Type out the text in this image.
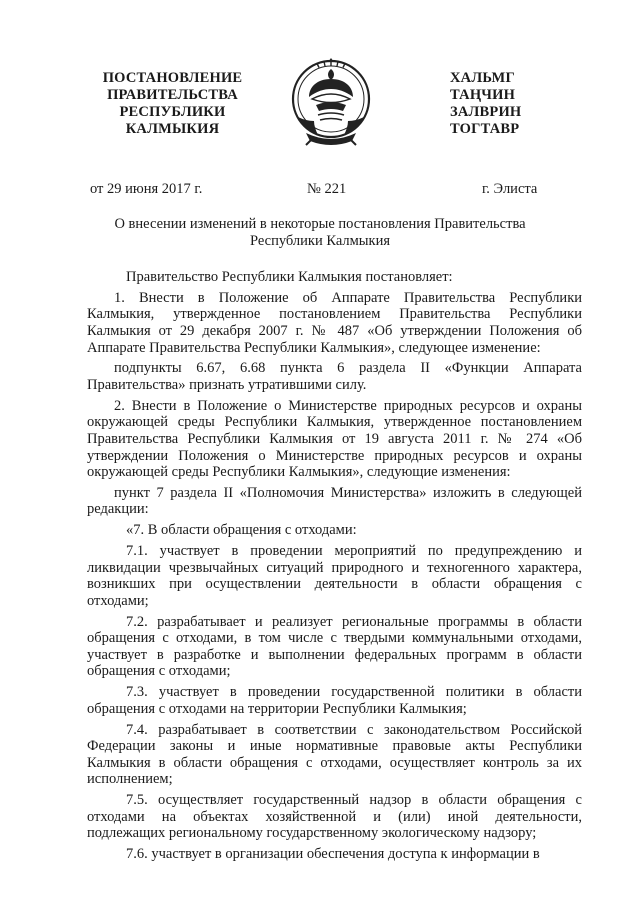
ПОСТАНОВЛЕНИЕ
ПРАВИТЕЛЬСТВА
РЕСПУБЛИКИ
КАЛМЫКИЯ
ХАЛЬМГ
ТАҢЧИН
ЗАЛВРИН
ТОГТАВР
от 29 июня 2017 г.	№ 221	г. Элиста
О внесении изменений в некоторые постановления Правительства
Республики Калмыкия
Правительство Республики Калмыкия постановляет:
1. Внести в Положение об Аппарате Правительства Республики
Калмыкия, утвержденное постановлением Правительства Республики
Калмыкия от 29 декабря 2007 г. № 487 «Об утверждении Положения об
Аппарате Правительства Республики Калмыкия», следующее изменение:
подпункты 6.67, 6.68 пункта 6 раздела II «Функции Аппарата
Правительства» признать утратившими силу.
2. Внести в Положение о Министерстве природных ресурсов и охраны
окружающей среды Республики Калмыкия, утвержденное постановлением
Правительства Республики Калмыкия от 19 августа 2011 г. № 274 «Об
утверждении Положения о Министерстве природных ресурсов и охраны
окружающей среды Республики Калмыкия», следующие изменения:
пункт 7 раздела II «Полномочия Министерства» изложить в следующей
редакции:
«7. В области обращения с отходами:
7.1. участвует в проведении мероприятий по предупреждению и
ликвидации чрезвычайных ситуаций природного и техногенного характера,
возникших при осуществлении деятельности в области обращения с
отходами;
7.2. разрабатывает и реализует региональные программы в области
обращения с отходами, в том числе с твердыми коммунальными отходами,
участвует в разработке и выполнении федеральных программ в области
обращения с отходами;
7.3. участвует в проведении государственной политики в области
обращения с отходами на территории Республики Калмыкия;
7.4. разрабатывает в соответствии с законодательством Российской
Федерации законы и иные нормативные правовые акты Республики
Калмыкия в области обращения с отходами, осуществляет контроль за их
исполнением;
7.5. осуществляет государственный надзор в области обращения с
отходами на объектах хозяйственной и (или) иной деятельности,
подлежащих региональному государственному экологическому надзору;
7.6. участвует в организации обеспечения доступа к информации в
